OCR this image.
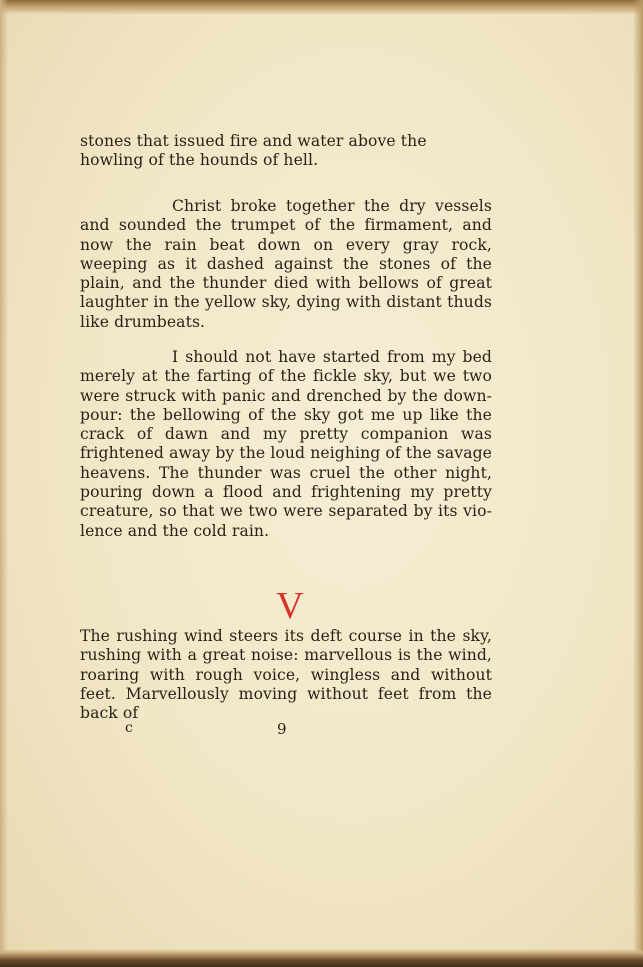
stones that issued fire and water above the howling of the hounds of hell.
Christ broke together the dry vessels and sounded the trumpet of the firmament, and now the rain beat down on every gray rock, weeping as it dashed against the stones of the plain, and the thunder died with bellows of great laughter in the yellow sky, dying with distant thuds like drumbeats.
I should not have started from my bed merely at the farting of the fickle sky, but we two were struck with panic and drenched by the down-pour: the bellowing of the sky got me up like the crack of dawn and my pretty companion was frightened away by the loud neighing of the savage heavens. The thunder was cruel the other night, pouring down a flood and frightening my pretty creature, so that we two were separated by its vio-lence and the cold rain.
V
The rushing wind steers its deft course in the sky, rushing with a great noise: marvellous is the wind, roaring with rough voice, wingless and without feet. Marvellously moving without feet from the back of
c	9
